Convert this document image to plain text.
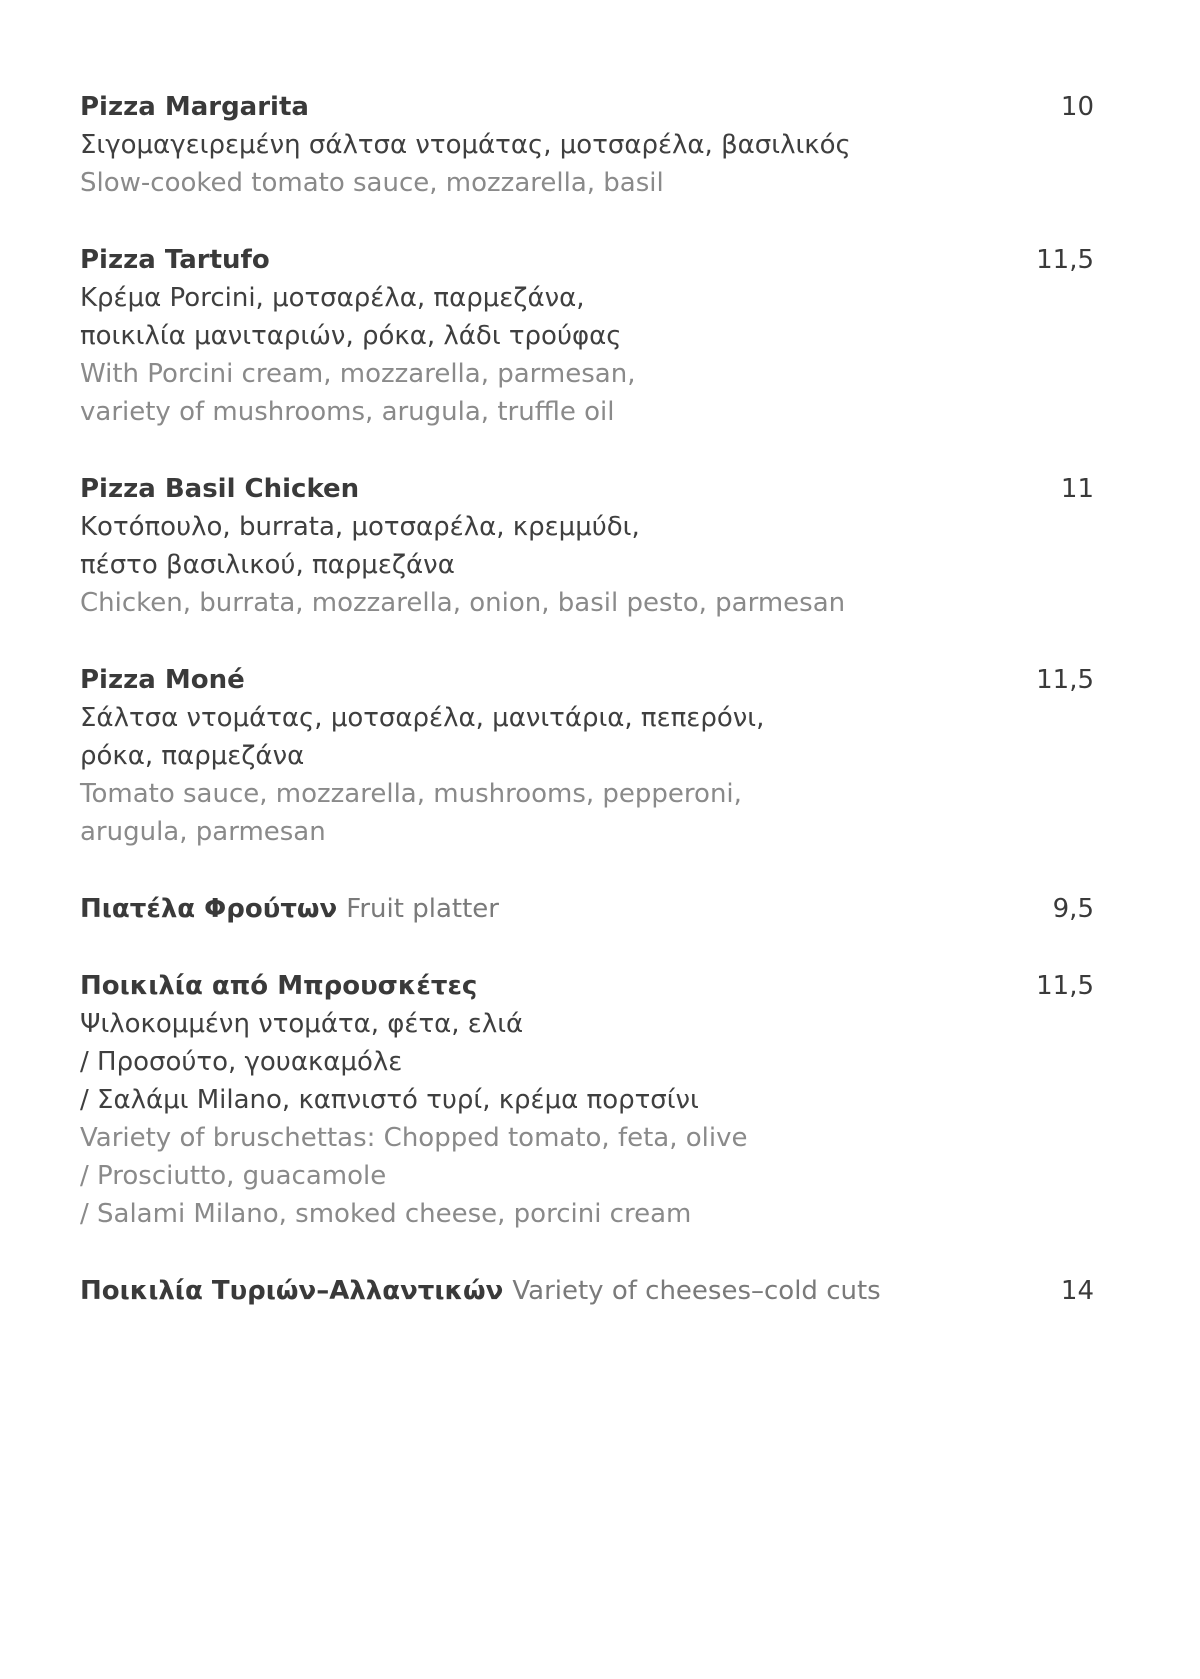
Pizza Margarita	10
Σιγομαγειρεμένη σάλτσα ντομάτας, μοτσαρέλα, βασιλικός
Slow-cooked tomato sauce, mozzarella, basil
Pizza Tartufo	11,5
Κρέμα Porcini, μοτσαρέλα, παρμεζάνα,
ποικιλία μανιταριών, ρόκα, λάδι τρούφας
With Porcini cream, mozzarella, parmesan,
variety of mushrooms, arugula, truffle oil
Pizza Basil Chicken	11
Κοτόπουλο, burrata, μοτσαρέλα, κρεμμύδι,
πέστο βασιλικού, παρμεζάνα
Chicken, burrata, mozzarella, onion, basil pesto, parmesan
Pizza Moné	11,5
Σάλτσα ντομάτας, μοτσαρέλα, μανιτάρια, πεπερόνι,
ρόκα, παρμεζάνα
Tomato sauce, mozzarella, mushrooms, pepperoni,
arugula, parmesan
Πιατέλα Φρούτων Fruit platter	9,5
Ποικιλία από Μπρουσκέτες	11,5
Ψιλοκομμένη ντομάτα, φέτα, ελιά
/ Προσούτο, γουακαμόλε
/ Σαλάμι Milano, καπνιστό τυρί, κρέμα πορτσίνι
Variety of bruschettas: Chopped tomato, feta, olive
/ Prosciutto, guacamole
/ Salami Milano, smoked cheese, porcini cream
Ποικιλία Τυριών–Αλλαντικών Variety of cheeses–cold cuts	14
